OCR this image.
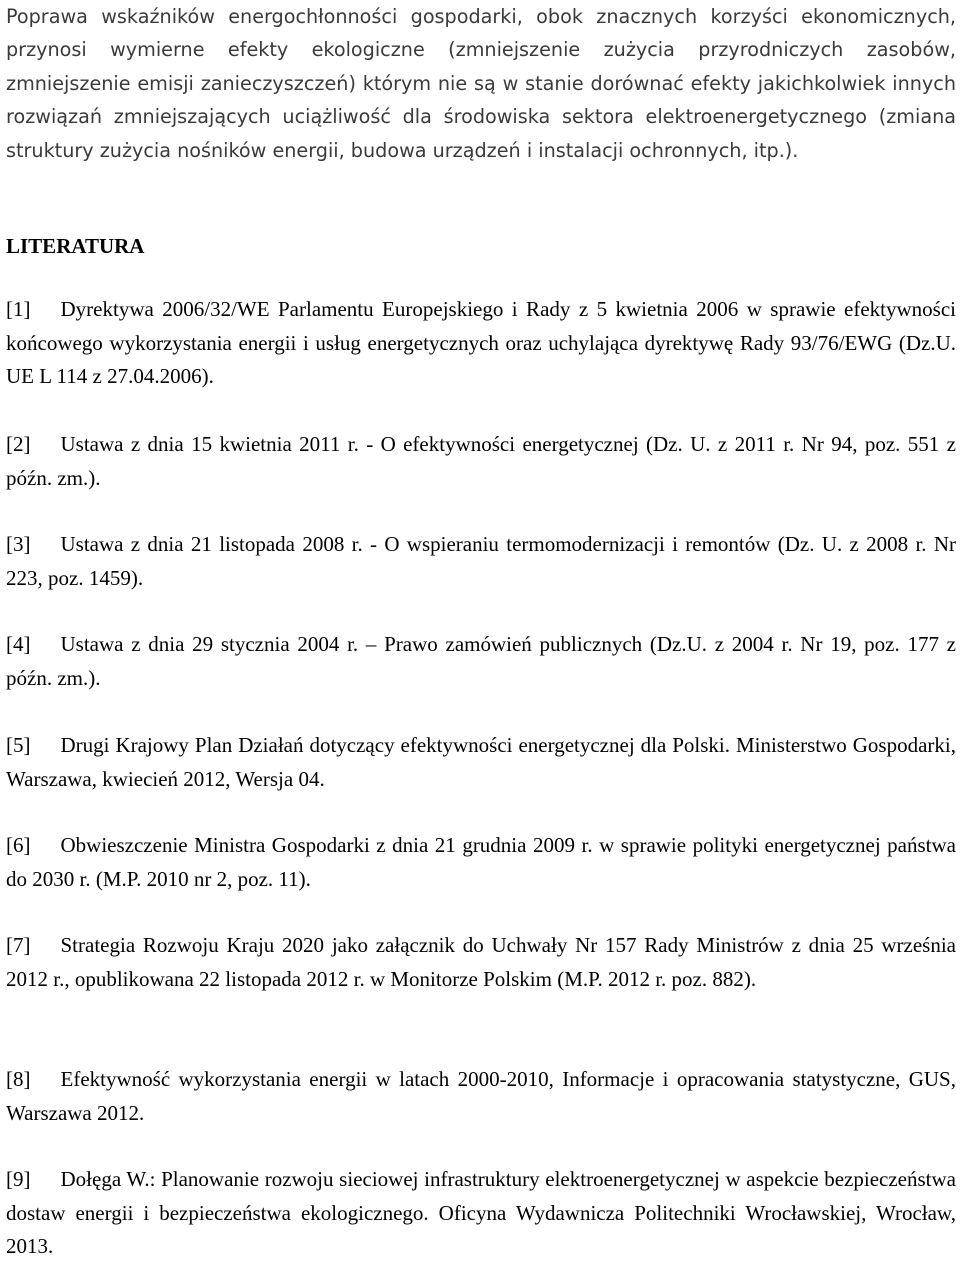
Poprawa wskaźników energochłonności gospodarki, obok znacznych korzyści ekonomicznych, przynosi wymierne efekty ekologiczne (zmniejszenie zużycia przyrodniczych zasobów, zmniejszenie emisji zanieczyszczeń) którym nie są w stanie dorównać efekty jakichkolwiek innych rozwiązań zmniejszających uciążliwość dla środowiska sektora elektroenergetycznego (zmiana struktury zużycia nośników energii, budowa urządzeń i instalacji ochronnych, itp.).

LITERATURA

[1] Dyrektywa 2006/32/WE Parlamentu Europejskiego i Rady z 5 kwietnia 2006 w sprawie efektywności końcowego wykorzystania energii i usług energetycznych oraz uchylająca dyrektywę Rady 93/76/EWG (Dz.U. UE L 114 z 27.04.2006).

[2] Ustawa z dnia 15 kwietnia 2011 r. - O efektywności energetycznej (Dz. U. z 2011 r. Nr 94, poz. 551 z późn. zm.).

[3] Ustawa z dnia 21 listopada 2008 r. - O wspieraniu termomodernizacji i remontów (Dz. U. z 2008 r. Nr 223, poz. 1459).

[4] Ustawa z dnia 29 stycznia 2004 r. – Prawo zamówień publicznych (Dz.U. z 2004 r. Nr 19, poz. 177 z późn. zm.).

[5] Drugi Krajowy Plan Działań dotyczący efektywności energetycznej dla Polski. Ministerstwo Gospodarki, Warszawa, kwiecień 2012, Wersja 04.

[6] Obwieszczenie Ministra Gospodarki z dnia 21 grudnia 2009 r. w sprawie polityki energetycznej państwa do 2030 r. (M.P. 2010 nr 2, poz. 11).

[7] Strategia Rozwoju Kraju 2020 jako załącznik do Uchwały Nr 157 Rady Ministrów z dnia 25 września 2012 r., opublikowana 22 listopada 2012 r. w Monitorze Polskim (M.P. 2012 r. poz. 882).

[8] Efektywność wykorzystania energii w latach 2000-2010, Informacje i opracowania statystyczne, GUS, Warszawa 2012.

[9] Dołęga W.: Planowanie rozwoju sieciowej infrastruktury elektroenergetycznej w aspekcie bezpieczeństwa dostaw energii i bezpieczeństwa ekologicznego. Oficyna Wydawnicza Politechniki Wrocławskiej, Wrocław, 2013.
